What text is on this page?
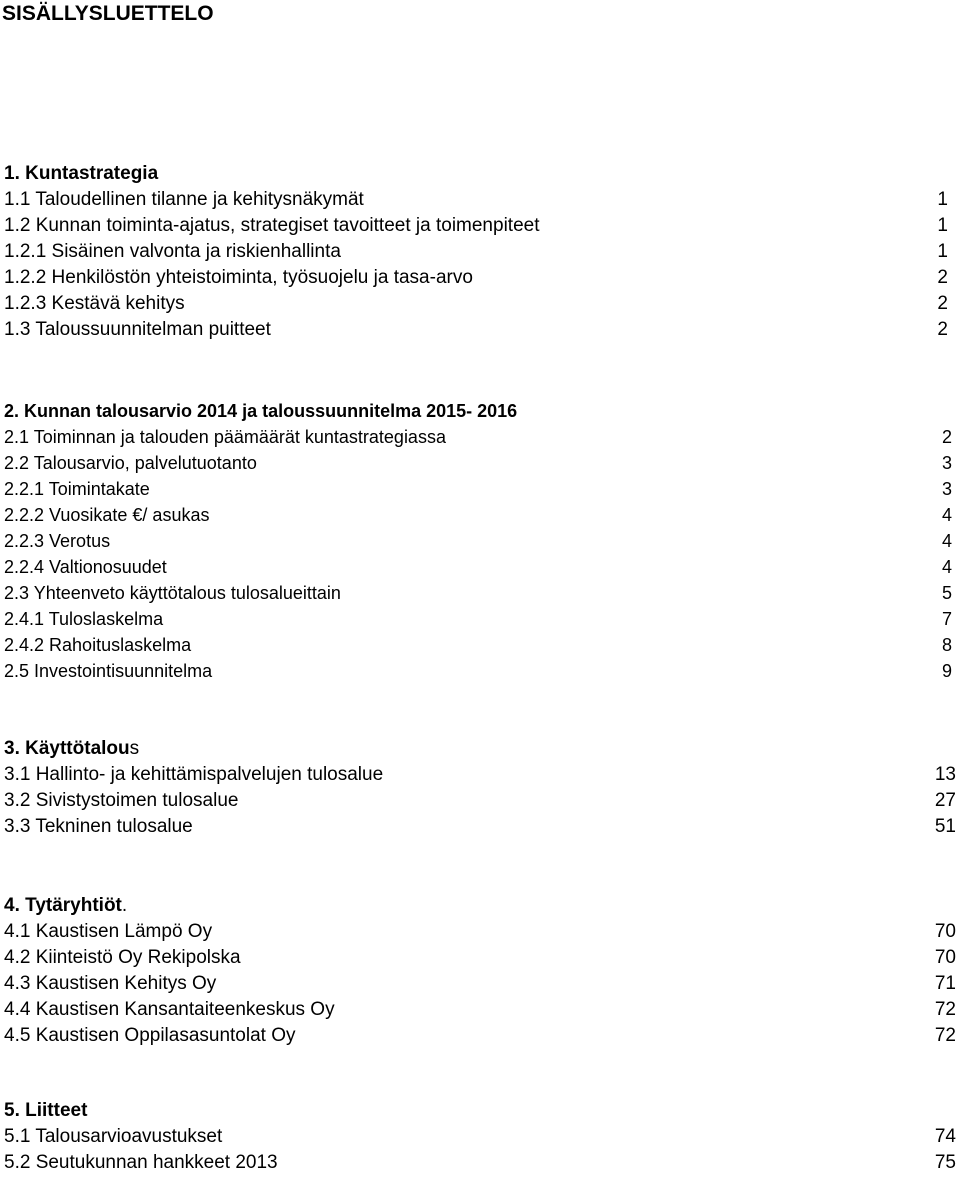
SISÄLLYSLUETTELO
1. Kuntastrategia
1.1 Taloudellinen tilanne ja kehitysnäkymät	1
1.2 Kunnan toiminta-ajatus, strategiset tavoitteet ja toimenpiteet	1
1.2.1 Sisäinen valvonta ja riskienhallinta	1
1.2.2 Henkilöstön yhteistoiminta, työsuojelu ja tasa-arvo	2
1.2.3 Kestävä kehitys	2
1.3 Taloussuunnitelman puitteet	2
2. Kunnan talousarvio 2014 ja taloussuunnitelma 2015- 2016
2.1 Toiminnan ja talouden päämäärät kuntastrategiassa	2
2.2 Talousarvio, palvelutuotanto	3
2.2.1 Toimintakate	3
2.2.2 Vuosikate €/ asukas	4
2.2.3 Verotus	4
2.2.4 Valtionosuudet	4
2.3 Yhteenveto käyttötalous tulosalueittain	5
2.4.1 Tuloslaskelma	7
2.4.2 Rahoituslaskelma	8
2.5 Investointisuunnitelma	9
3. Käyttötalous
3.1 Hallinto- ja kehittämispalvelujen tulosalue	13
3.2 Sivistystoimen tulosalue	27
3.3 Tekninen tulosalue	51
4. Tytäryhtiöt.
4.1 Kaustisen Lämpö Oy	70
4.2 Kiinteistö Oy Rekipolska	70
4.3 Kaustisen Kehitys Oy	71
4.4 Kaustisen Kansantaiteenkeskus Oy	72
4.5 Kaustisen Oppilasasuntolat Oy	72
5. Liitteet
5.1 Talousarvioavustukset	74
5.2 Seutukunnan hankkeet 2013	75
